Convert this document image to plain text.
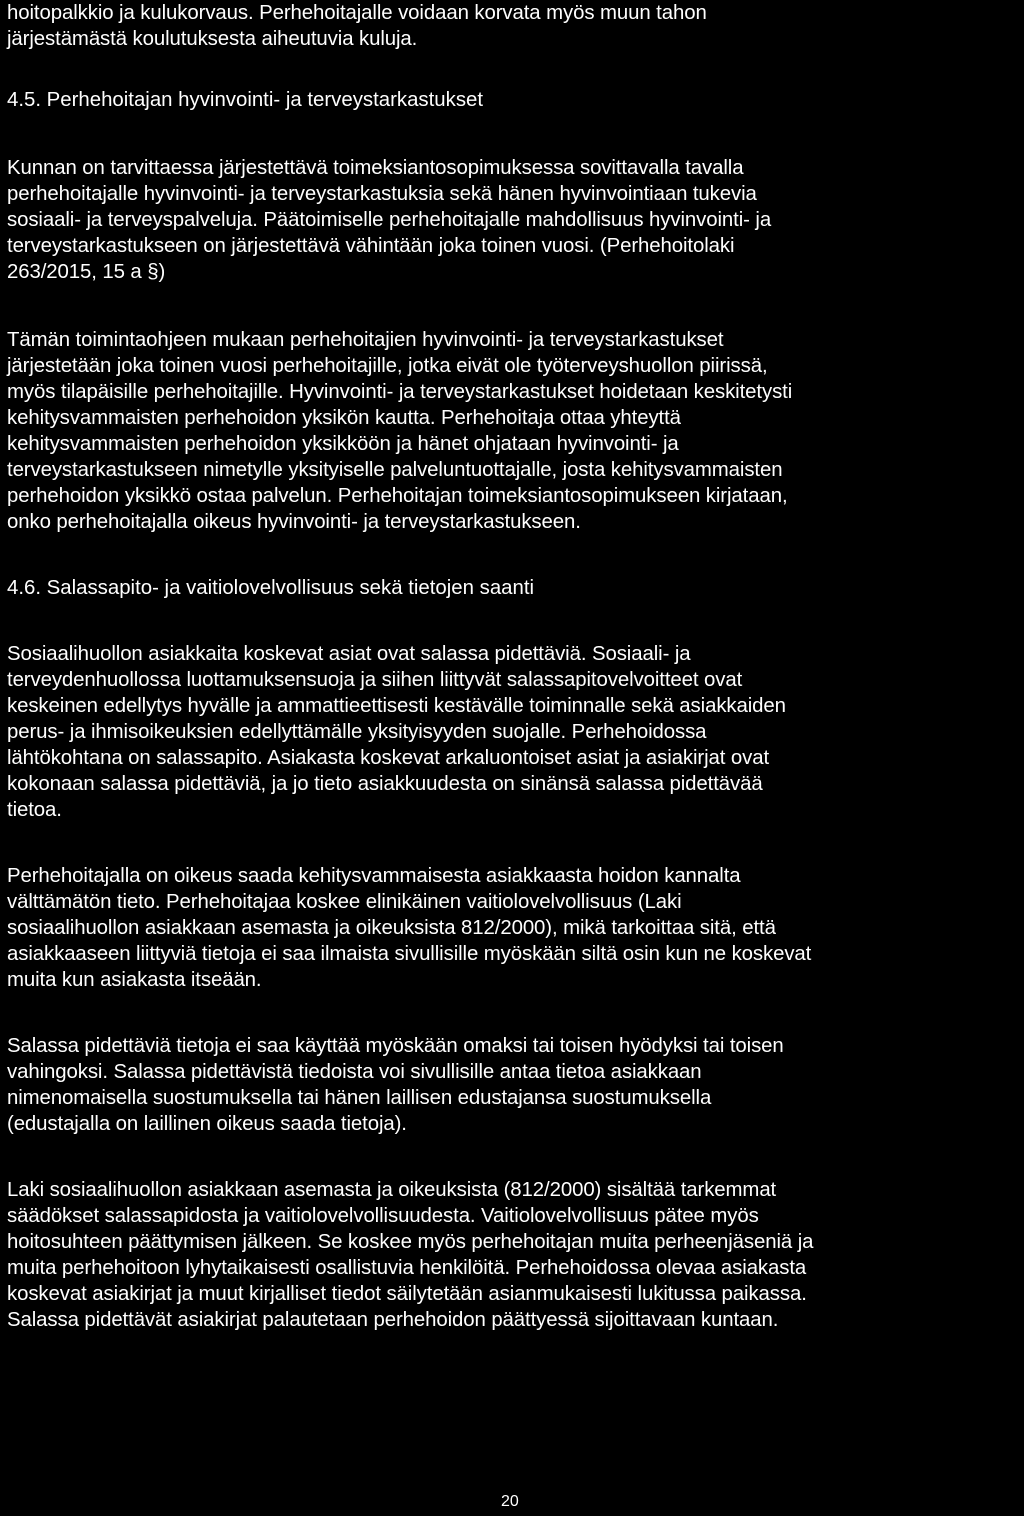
hoitopalkkio ja kulukorvaus. Perhehoitajalle voidaan korvata myös muun tahon
järjestämästä koulutuksesta aiheutuvia kuluja.
4.5. Perhehoitajan hyvinvointi- ja terveystarkastukset
Kunnan on tarvittaessa järjestettävä toimeksiantosopimuksessa sovittavalla tavalla
perhehoitajalle hyvinvointi- ja terveystarkastuksia sekä hänen hyvinvointiaan tukevia
sosiaali- ja terveyspalveluja. Päätoimiselle perhehoitajalle mahdollisuus hyvinvointi- ja
terveystarkastukseen on järjestettävä vähintään joka toinen vuosi. (Perhehoitolaki
263/2015, 15 a §)
Tämän toimintaohjeen mukaan perhehoitajien hyvinvointi- ja terveystarkastukset
järjestetään joka toinen vuosi perhehoitajille, jotka eivät ole työterveyshuollon piirissä,
myös tilapäisille perhehoitajille. Hyvinvointi- ja terveystarkastukset hoidetaan keskitetysti
kehitysvammaisten perhehoidon yksikön kautta. Perhehoitaja ottaa yhteyttä
kehitysvammaisten perhehoidon yksikköön ja hänet ohjataan hyvinvointi- ja
terveystarkastukseen nimetylle yksityiselle palveluntuottajalle, josta kehitysvammaisten
perhehoidon yksikkö ostaa palvelun. Perhehoitajan toimeksiantosopimukseen kirjataan,
onko perhehoitajalla oikeus hyvinvointi- ja terveystarkastukseen.
4.6. Salassapito- ja vaitiolovelvollisuus sekä tietojen saanti
Sosiaalihuollon asiakkaita koskevat asiat ovat salassa pidettäviä. Sosiaali- ja
terveydenhuollossa luottamuksensuoja ja siihen liittyvät salassapitovelvoitteet ovat
keskeinen edellytys hyvälle ja ammattieettisesti kestävälle toiminnalle sekä asiakkaiden
perus- ja ihmisoikeuksien edellyttämälle yksityisyyden suojalle. Perhehoidossa
lähtökohtana on salassapito. Asiakasta koskevat arkaluontoiset asiat ja asiakirjat ovat
kokonaan salassa pidettäviä, ja jo tieto asiakkuudesta on sinänsä salassa pidettävää
tietoa.
Perhehoitajalla on oikeus saada kehitysvammaisesta asiakkaasta hoidon kannalta
välttämätön tieto. Perhehoitajaa koskee elinikäinen vaitiolovelvollisuus (Laki
sosiaalihuollon asiakkaan asemasta ja oikeuksista 812/2000), mikä tarkoittaa sitä, että
asiakkaaseen liittyviä tietoja ei saa ilmaista sivullisille myöskään siltä osin kun ne koskevat
muita kun asiakasta itseään.
Salassa pidettäviä tietoja ei saa käyttää myöskään omaksi tai toisen hyödyksi tai toisen
vahingoksi. Salassa pidettävistä tiedoista voi sivullisille antaa tietoa asiakkaan
nimenomaisella suostumuksella tai hänen laillisen edustajansa suostumuksella
(edustajalla on laillinen oikeus saada tietoja).
Laki sosiaalihuollon asiakkaan asemasta ja oikeuksista (812/2000) sisältää tarkemmat
säädökset salassapidosta ja vaitiolovelvollisuudesta. Vaitiolovelvollisuus pätee myös
hoitosuhteen päättymisen jälkeen. Se koskee myös perhehoitajan muita perheenjäseniä ja
muita perhehoitoon lyhytaikaisesti osallistuvia henkilöitä. Perhehoidossa olevaa asiakasta
koskevat asiakirjat ja muut kirjalliset tiedot säilytetään asianmukaisesti lukitussa paikassa.
Salassa pidettävät asiakirjat palautetaan perhehoidon päättyessä sijoittavaan kuntaan.
20
